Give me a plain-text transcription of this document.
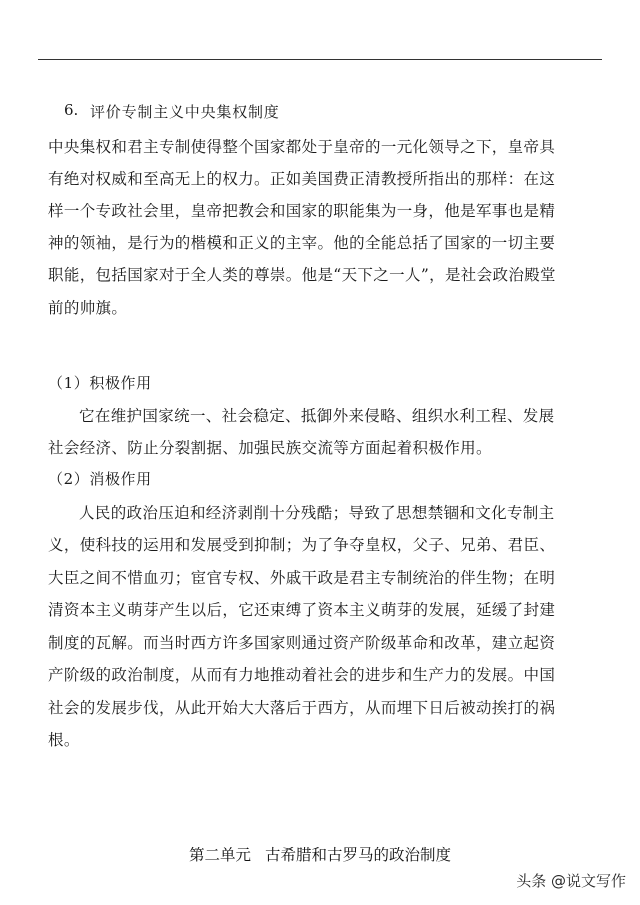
6. 评价专制主义中央集权制度
中央集权和君主专制使得整个国家都处于皇帝的一元化领导之下，皇帝具
有绝对权威和至高无上的权力。正如美国费正清教授所指出的那样：在这
样一个专政社会里，皇帝把教会和国家的职能集为一身，他是军事也是精
神的领袖，是行为的楷模和正义的主宰。他的全能总括了国家的一切主要
职能，包括国家对于全人类的尊崇。他是“天下之一人”，是社会政治殿堂
前的帅旗。
（1）积极作用
它在维护国家统一、社会稳定、抵御外来侵略、组织水利工程、发展
社会经济、防止分裂割据、加强民族交流等方面起着积极作用。
（2）消极作用
人民的政治压迫和经济剥削十分残酷；导致了思想禁锢和文化专制主
义，使科技的运用和发展受到抑制；为了争夺皇权，父子、兄弟、君臣、
大臣之间不惜血刃；宦官专权、外戚干政是君主专制统治的伴生物；在明
清资本主义萌芽产生以后，它还束缚了资本主义萌芽的发展，延缓了封建
制度的瓦解。而当时西方许多国家则通过资产阶级革命和改革，建立起资
产阶级的政治制度，从而有力地推动着社会的进步和生产力的发展。中国
社会的发展步伐，从此开始大大落后于西方，从而埋下日后被动挨打的祸
根。
第二单元 古希腊和古罗马的政治制度
头条 @说文写作
